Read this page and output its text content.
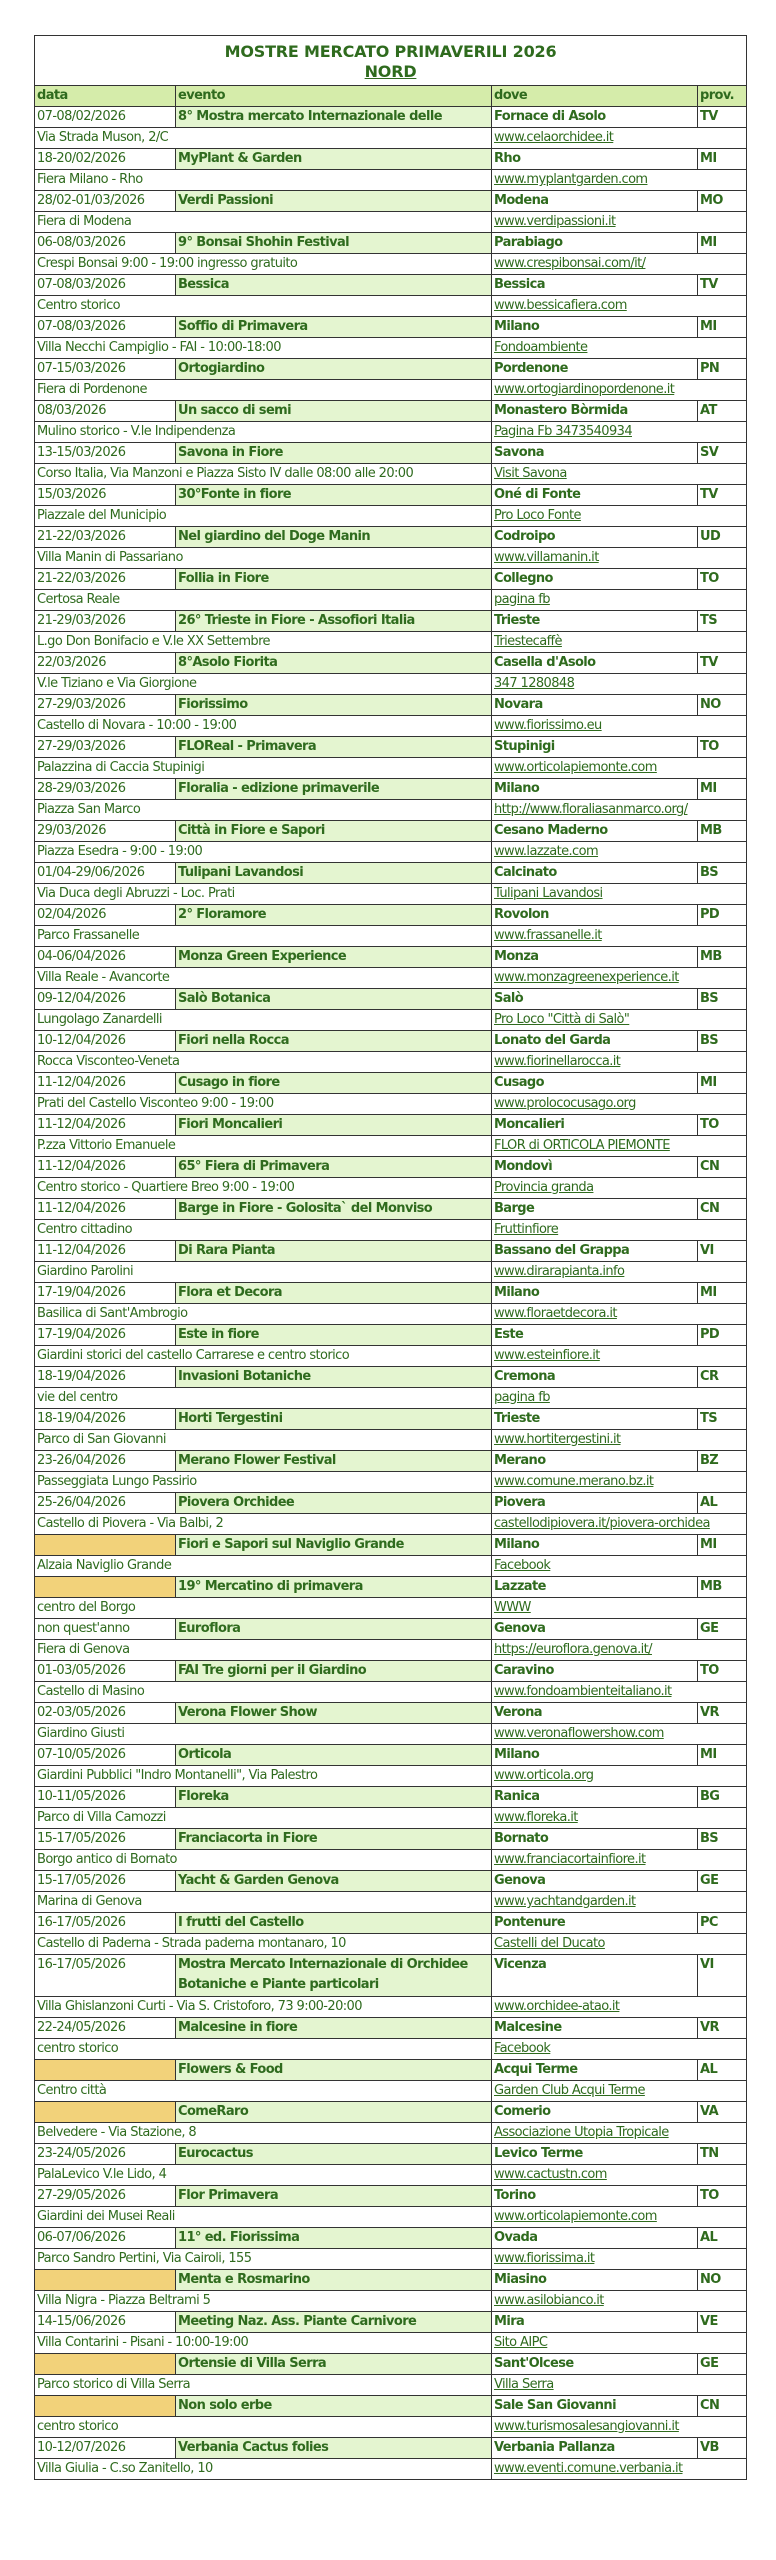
MOSTRE MERCATO PRIMAVERILI 2026
NORD			

data	evento	dove	prov.
07-08/02/2026	8° Mostra mercato Internazionale delle	Fornace di Asolo	TV
Via Strada Muson, 2/C		www.celaorchidee.it	
18-20/02/2026	MyPlant & Garden	Rho	MI
Fiera Milano - Rho		www.myplantgarden.com	
28/02-01/03/2026	Verdi Passioni	Modena	MO
Fiera di Modena		www.verdipassioni.it	
06-08/03/2026	9° Bonsai Shohin Festival	Parabiago	MI
Crespi Bonsai 9:00 - 19:00 ingresso gratuito		www.crespibonsai.com/it/	
07-08/03/2026	Bessica	Bessica	TV
Centro storico		www.bessicafiera.com	
07-08/03/2026	Soffio di Primavera	Milano	MI
Villa Necchi Campiglio - FAI - 10:00-18:00		Fondoambiente	
07-15/03/2026	Ortogiardino	Pordenone	PN
Fiera di Pordenone		www.ortogiardinopordenone.it	
08/03/2026	Un sacco di semi	Monastero Bòrmida	AT
Mulino storico - V.le Indipendenza		Pagina Fb 3473540934	
13-15/03/2026	Savona in Fiore	Savona	SV
Corso Italia, Via Manzoni e Piazza Sisto IV dalle 08:00 alle 20:00		Visit Savona	
15/03/2026	30°Fonte in fiore	Oné di Fonte	TV
Piazzale del Municipio		Pro Loco Fonte	
21-22/03/2026	Nel giardino del Doge Manin	Codroipo	UD
Villa Manin di Passariano		www.villamanin.it	
21-22/03/2026	Follia in Fiore	Collegno	TO
Certosa Reale		pagina fb	
21-29/03/2026	26° Trieste in Fiore - Assofiori Italia	Trieste	TS
L.go Don Bonifacio e V.le XX Settembre		Triestecaffè	
22/03/2026	8°Asolo Fiorita	Casella d'Asolo	TV
V.le Tiziano e Via Giorgione		347 1280848	
27-29/03/2026	Fiorissimo	Novara	NO
Castello di Novara - 10:00 - 19:00		www.fiorissimo.eu	
27-29/03/2026	FLOReal - Primavera	Stupinigi	TO
Palazzina di Caccia Stupinigi		www.orticolapiemonte.com	
28-29/03/2026	Floralia - edizione primaverile	Milano	MI
Piazza San Marco		http://www.floraliasanmarco.org/	
29/03/2026	Città in Fiore e Sapori	Cesano Maderno	MB
Piazza Esedra - 9:00 - 19:00		www.lazzate.com	
01/04-29/06/2026	Tulipani Lavandosi	Calcinato	BS
Via Duca degli Abruzzi - Loc. Prati		Tulipani Lavandosi	
02/04/2026	2° Floramore	Rovolon	PD
Parco Frassanelle		www.frassanelle.it	
04-06/04/2026	Monza Green Experience	Monza	MB
Villa Reale - Avancorte		www.monzagreenexperience.it	
09-12/04/2026	Salò Botanica	Salò	BS
Lungolago Zanardelli		Pro Loco "Città di Salò"	
10-12/04/2026	Fiori nella Rocca	Lonato del Garda	BS
Rocca Visconteo-Veneta		www.fiorinellarocca.it	
11-12/04/2026	Cusago in fiore	Cusago	MI
Prati del Castello Visconteo 9:00 - 19:00		www.prolococusago.org	
11-12/04/2026	Fiori Moncalieri	Moncalieri	TO
P.zza Vittorio Emanuele		FLOR di ORTICOLA PIEMONTE	
11-12/04/2026	65° Fiera di Primavera	Mondovì	CN
Centro storico - Quartiere Breo 9:00 - 19:00		Provincia granda	
11-12/04/2026	Barge in Fiore - Golosita` del Monviso	Barge	CN
Centro cittadino		Fruttinfiore	
11-12/04/2026	Di Rara Pianta	Bassano del Grappa	VI
Giardino Parolini		www.dirarapianta.info	
17-19/04/2026	Flora et Decora	Milano	MI
Basilica di Sant'Ambrogio		www.floraetdecora.it	
17-19/04/2026	Este in fiore	Este	PD
Giardini storici del castello Carrarese e centro storico		www.esteinfiore.it	
18-19/04/2026	Invasioni Botaniche	Cremona	CR
vie del centro		pagina fb	
18-19/04/2026	Horti Tergestini	Trieste	TS
Parco di San Giovanni		www.hortitergestini.it	
23-26/04/2026	Merano Flower Festival	Merano	BZ
Passeggiata Lungo Passirio		www.comune.merano.bz.it	
25-26/04/2026	Piovera Orchidee	Piovera	AL
Castello di Piovera - Via Balbi, 2		castellodipiovera.it/piovera-orchidea	
	Fiori e Sapori sul Naviglio Grande	Milano	MI
Alzaia Naviglio Grande		Facebook	
	19° Mercatino di primavera	Lazzate	MB
centro del Borgo		WWW	
non quest'anno	Euroflora	Genova	GE
Fiera di Genova		https://euroflora.genova.it/	
01-03/05/2026	FAI Tre giorni per il Giardino	Caravino	TO
Castello di Masino		www.fondoambienteitaliano.it	
02-03/05/2026	Verona Flower Show	Verona	VR
Giardino Giusti		www.veronaflowershow.com	
07-10/05/2026	Orticola	Milano	MI
Giardini Pubblici "Indro Montanelli", Via Palestro		www.orticola.org	
10-11/05/2026	Floreka	Ranica	BG
Parco di Villa Camozzi		www.floreka.it	
15-17/05/2026	Franciacorta in Fiore	Bornato	BS
Borgo antico di Bornato		www.franciacortainfiore.it	
15-17/05/2026	Yacht & Garden Genova	Genova	GE
Marina di Genova		www.yachtandgarden.it	
16-17/05/2026	I frutti del Castello	Pontenure	PC
Castello di Paderna - Strada paderna montanaro, 10		Castelli del Ducato	
16-17/05/2026	Mostra Mercato Internazionale di Orchidee Botaniche e Piante particolari	Vicenza	VI
Villa Ghislanzoni Curti - Via S. Cristoforo, 73 9:00-20:00		www.orchidee-atao.it	
22-24/05/2026	Malcesine in fiore	Malcesine	VR
centro storico		Facebook	
	Flowers & Food	Acqui Terme	AL
Centro città		Garden Club Acqui Terme	
	ComeRaro	Comerio	VA
Belvedere - Via Stazione, 8		Associazione Utopia Tropicale	
23-24/05/2026	Eurocactus	Levico Terme	TN
PalaLevico V.le Lido, 4		www.cactustn.com	
27-29/05/2026	Flor Primavera	Torino	TO
Giardini dei Musei Reali		www.orticolapiemonte.com	
06-07/06/2026	11° ed. Fiorissima	Ovada	AL
Parco Sandro Pertini, Via Cairoli, 155		www.fiorissima.it	
	Menta e Rosmarino	Miasino	NO
Villa Nigra - Piazza Beltrami 5		www.asilobianco.it	
14-15/06/2026	Meeting Naz. Ass. Piante Carnivore	Mira	VE
Villa Contarini - Pisani - 10:00-19:00		Sito AIPC	
	Ortensie di Villa Serra	Sant'Olcese	GE
Parco storico di Villa Serra		Villa Serra	
	Non solo erbe	Sale San Giovanni	CN
centro storico		www.turismosalesangiovanni.it	
10-12/07/2026	Verbania Cactus folies	Verbania Pallanza	VB
Villa Giulia - C.so Zanitello, 10		www.eventi.comune.verbania.it	
